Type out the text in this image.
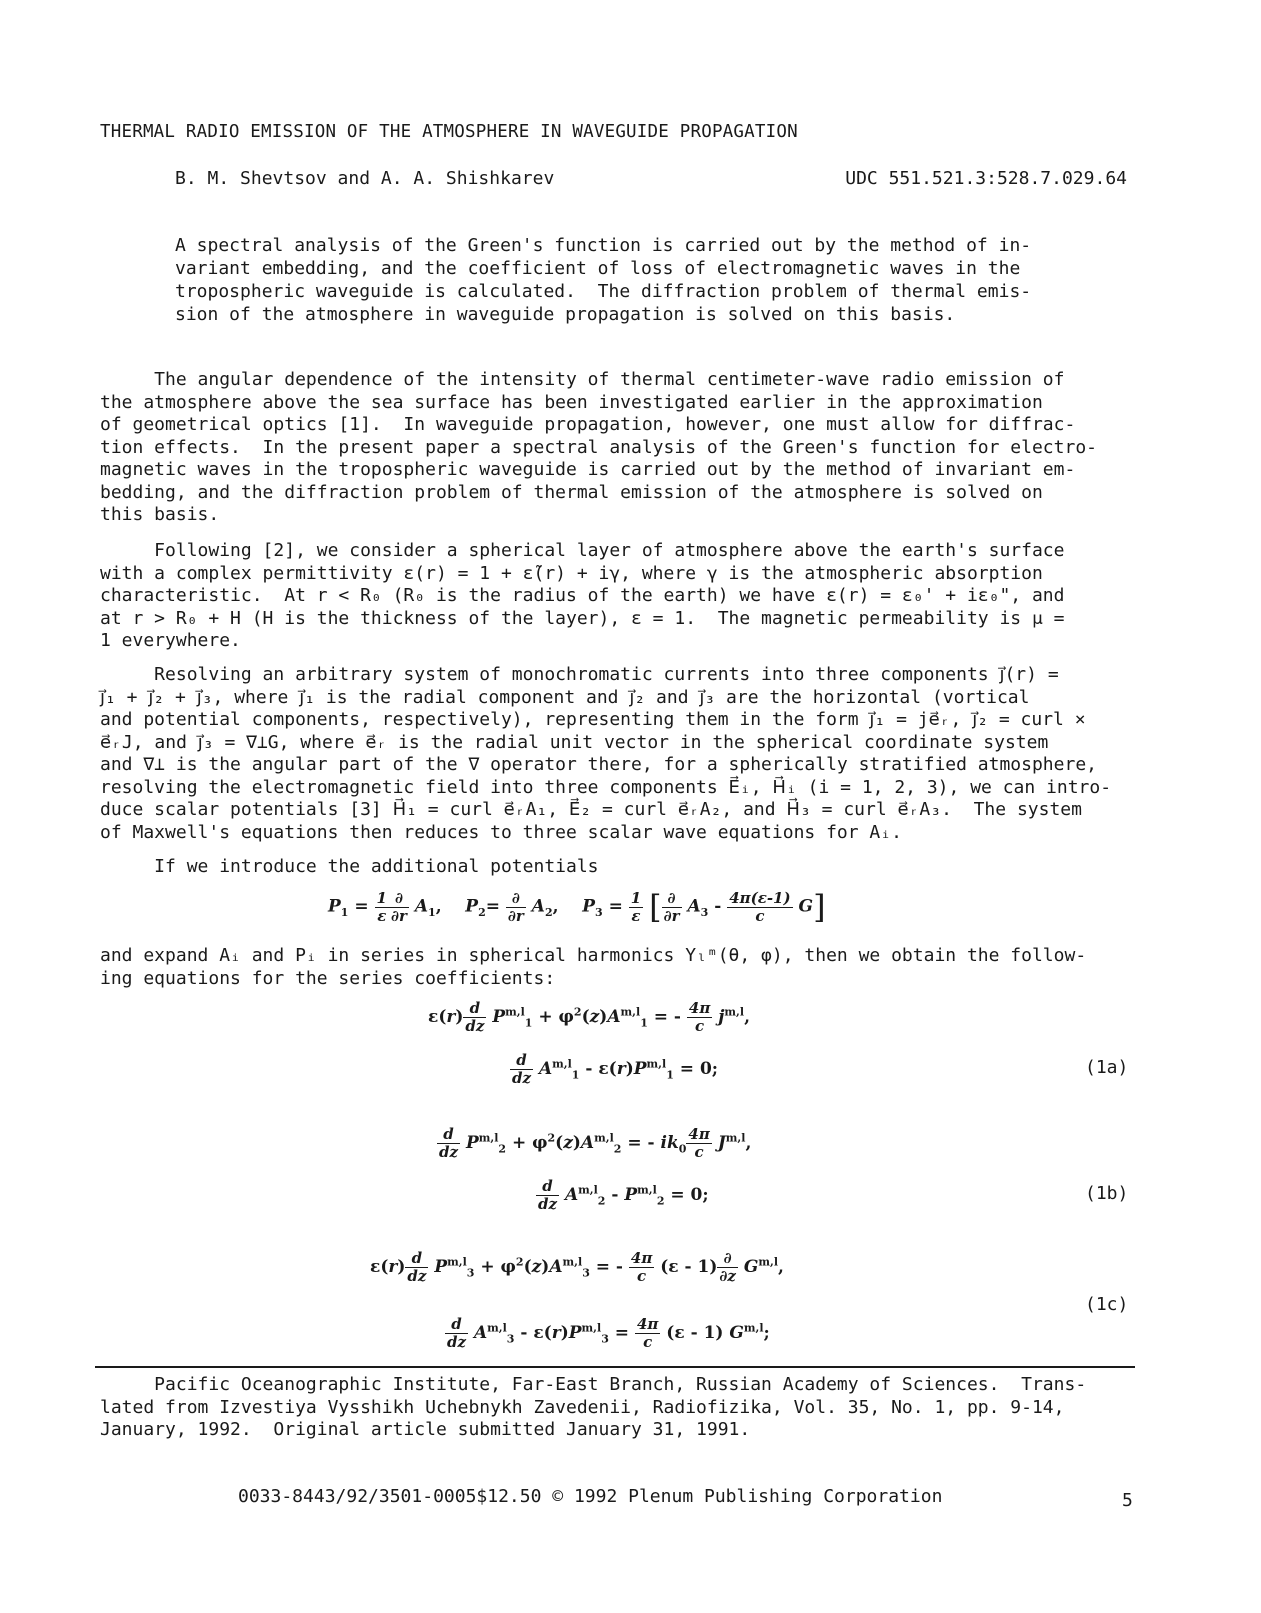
THERMAL RADIO EMISSION OF THE ATMOSPHERE IN WAVEGUIDE PROPAGATION
B. M. Shevtsov and A. A. Shishkarev	UDC 551.521.3:528.7.029.64
A spectral analysis of the Green's function is carried out by the method of in-
variant embedding, and the coefficient of loss of electromagnetic waves in the
tropospheric waveguide is calculated.  The diffraction problem of thermal emis-
sion of the atmosphere in waveguide propagation is solved on this basis.
The angular dependence of the intensity of thermal centimeter-wave radio emission of
the atmosphere above the sea surface has been investigated earlier in the approximation
of geometrical optics [1].  In waveguide propagation, however, one must allow for diffrac-
tion effects.  In the present paper a spectral analysis of the Green's function for electro-
magnetic waves in the tropospheric waveguide is carried out by the method of invariant em-
bedding, and the diffraction problem of thermal emission of the atmosphere is solved on
this basis.
Following [2], we consider a spherical layer of atmosphere above the earth's surface
with a complex permittivity ε(r) = 1 + ε̃(r) + iγ, where γ is the atmospheric absorption
characteristic.  At r < R₀ (R₀ is the radius of the earth) we have ε(r) = ε₀' + iε₀", and
at r > R₀ + H (H is the thickness of the layer), ε = 1.  The magnetic permeability is μ =
1 everywhere.
Resolving an arbitrary system of monochromatic currents into three components j⃗(r) =
j⃗₁ + j⃗₂ + j⃗₃, where j⃗₁ is the radial component and j⃗₂ and j⃗₃ are the horizontal (vortical
and potential components, respectively), representing them in the form j⃗₁ = je⃗ᵣ, j⃗₂ = curl ×
e⃗ᵣJ, and j⃗₃ = ∇⊥G, where e⃗ᵣ is the radial unit vector in the spherical coordinate system
and ∇⊥ is the angular part of the ∇ operator there, for a spherically stratified atmosphere,
resolving the electromagnetic field into three components E⃗ᵢ, H⃗ᵢ (i = 1, 2, 3), we can intro-
duce scalar potentials [3] H⃗₁ = curl e⃗ᵣA₁, E⃗₂ = curl e⃗ᵣA₂, and H⃗₃ = curl e⃗ᵣA₃.  The system
of Maxwell's equations then reduces to three scalar wave equations for Aᵢ.
If we introduce the additional potentials
$P_1 = \frac{1}{\varepsilon} \frac{\partial}{\partial r} A_1$,    $P_2= \frac{\partial}{\partial r} A_2$,    $P_3 = \frac{1}{\varepsilon}$ [ $\frac{\partial}{\partial r} A_3 - \frac{4\pi(\varepsilon-1)}{c} G$]
and expand Aᵢ and Pᵢ in series in spherical harmonics Yₗᵐ(θ, φ), then we obtain the follow-
ing equations for the series coefficients:
$\varepsilon(r) \frac{d}{dz} P^{m,l}_1 + \varphi^2(z)A^{m,l}_1$ = - $\frac{4\pi}{c} j^{m,l}$,
$\frac{d}{dz} A^{m,l}_1 - \varepsilon(r)P^{m,l}_1 = 0$;	(1a)
$\frac{d}{dz} P^{m,l}_2 + \varphi^2(z)A^{m,l}_2$ = - $ik_0 \frac{4\pi}{c} J^{m,l}$,
$\frac{d}{dz} A^{m,l}_2 - P^{m,l}_2 = 0$;	(1b)
$\varepsilon(r) \frac{d}{dz} P^{m,l}_3 + \varphi^2(z)A^{m,l}_3$ = - $\frac{4\pi}{c} (\varepsilon - 1) \frac{\partial}{\partial z} G^{m,l}$,
$\frac{d}{dz} A^{m,l}_3 - \varepsilon(r)P^{m,l}_3 = \frac{4\pi}{c} (\varepsilon - 1)$ G$^{m,l}$;
(1c)
Pacific Oceanographic Institute, Far-East Branch, Russian Academy of Sciences.  Trans-
lated from Izvestiya Vysshikh Uchebnykh Zavedenii, Radiofizika, Vol. 35, No. 1, pp. 9-14,
January, 1992.  Original article submitted January 31, 1991.
0033-8443/92/3501-0005$12.50 © 1992 Plenum Publishing Corporation	5
